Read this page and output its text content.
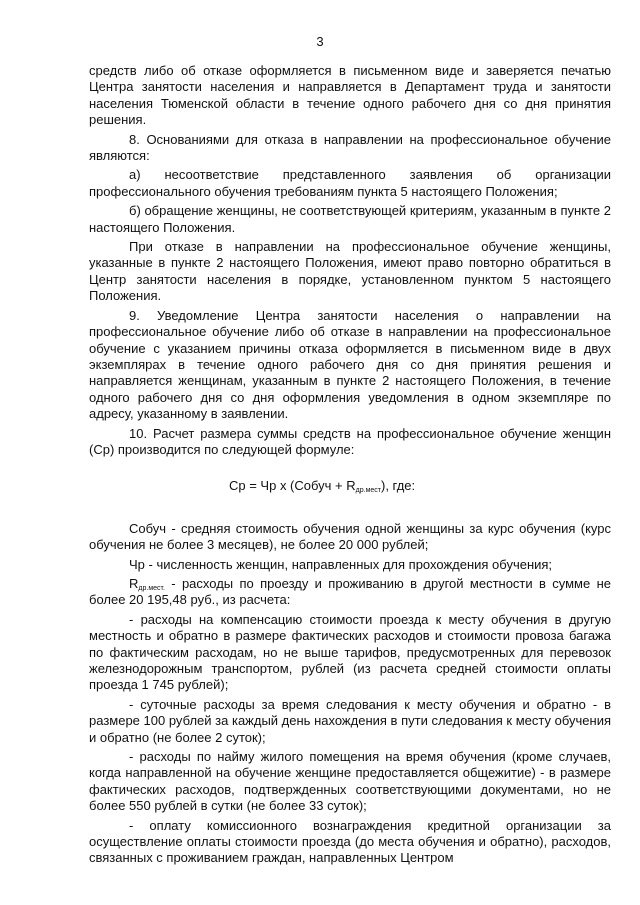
3

средств либо об отказе оформляется в письменном виде и заверяется печатью Центра занятости населения и направляется в Департамент труда и занятости населения Тюменской области в течение одного рабочего дня со дня принятия решения.

8. Основаниями для отказа в направлении на профессиональное обучение являются:

а) несоответствие представленного заявления об организации профессионального обучения требованиям пункта 5 настоящего Положения;

б) обращение женщины, не соответствующей критериям, указанным в пункте 2 настоящего Положения.

При отказе в направлении на профессиональное обучение женщины, указанные в пункте 2 настоящего Положения, имеют право повторно обратиться в Центр занятости населения в порядке, установленном пунктом 5 настоящего Положения.

9. Уведомление Центра занятости населения о направлении на профессиональное обучение либо об отказе в направлении на профессиональное обучение с указанием причины отказа оформляется в письменном виде в двух экземплярах в течение одного рабочего дня со дня принятия решения и направляется женщинам, указанным в пункте 2 настоящего Положения, в течение одного рабочего дня со дня оформления уведомления в одном экземпляре по адресу, указанному в заявлении.

10. Расчет размера суммы средств на профессиональное обучение женщин (Ср) производится по следующей формуле:

Ср = Чр х (Собуч + $R_{др.мест}$), где:

Собуч - средняя стоимость обучения одной женщины за курс обучения (курс обучения не более 3 месяцев), не более 20 000 рублей;

Чр - численность женщин, направленных для прохождения обучения;

$R_{др.мест.}$ - расходы по проезду и проживанию в другой местности в сумме не более 20 195,48 руб., из расчета:

- расходы на компенсацию стоимости проезда к месту обучения в другую местность и обратно в размере фактических расходов и стоимости провоза багажа по фактическим расходам, но не выше тарифов, предусмотренных для перевозок железнодорожным транспортом, рублей (из расчета средней стоимости оплаты проезда 1 745 рублей);

- суточные расходы за время следования к месту обучения и обратно - в размере 100 рублей за каждый день нахождения в пути следования к месту обучения и обратно (не более 2 суток);

- расходы по найму жилого помещения на время обучения (кроме случаев, когда направленной на обучение женщине предоставляется общежитие) - в размере фактических расходов, подтвержденных соответствующими документами, но не более 550 рублей в сутки (не более 33 суток);

- оплату комиссионного вознаграждения кредитной организации за осуществление оплаты стоимости проезда (до места обучения и обратно), расходов, связанных с проживанием граждан, направленных Центром
